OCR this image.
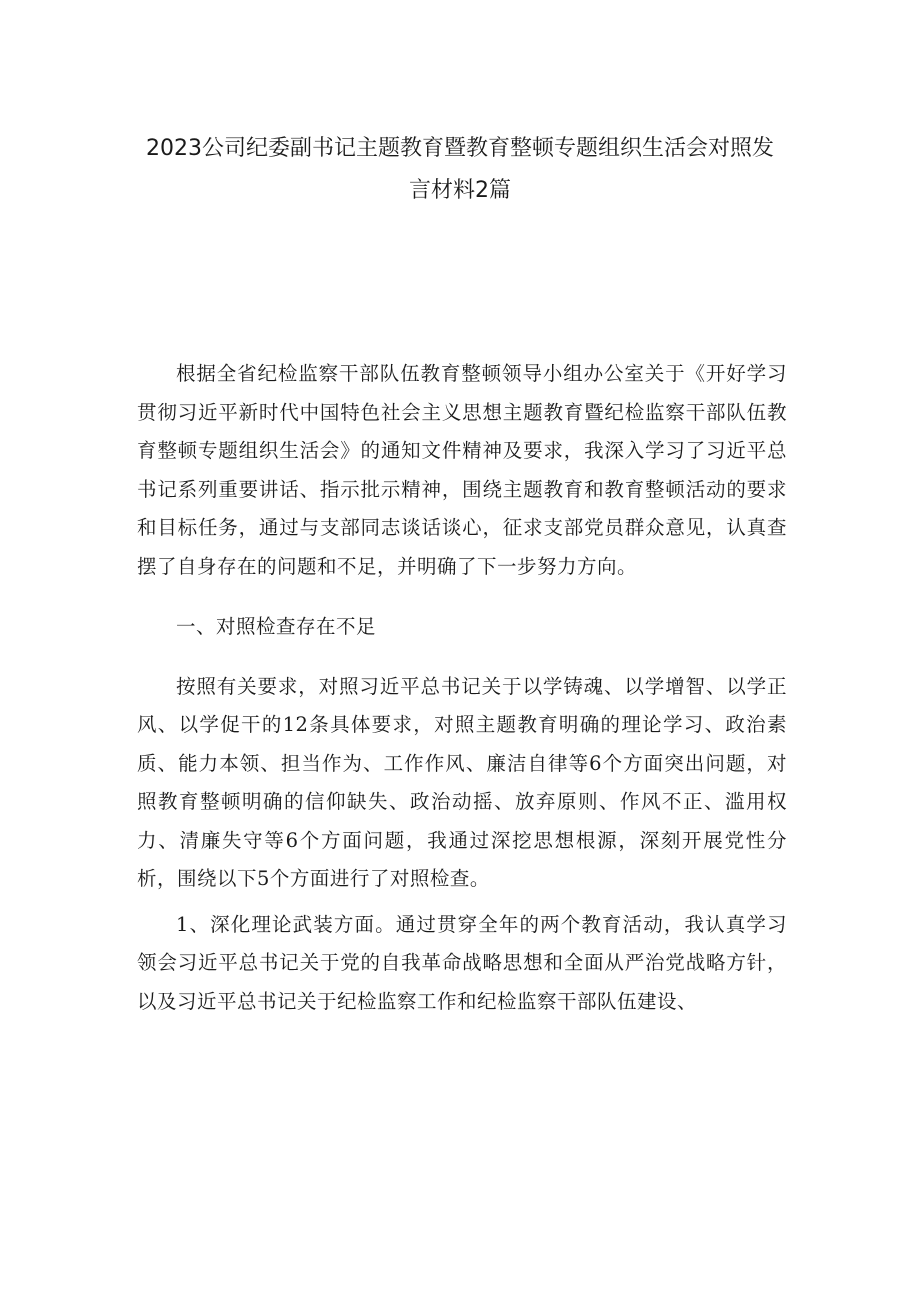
2023公司纪委副书记主题教育暨教育整顿专题组织生活会对照发
言材料2篇

根据全省纪检监察干部队伍教育整顿领导小组办公室关于《开好学习贯彻习近平新时代中国特色社会主义思想主题教育暨纪检监察干部队伍教育整顿专题组织生活会》的通知文件精神及要求，我深入学习了习近平总书记系列重要讲话、指示批示精神，围绕主题教育和教育整顿活动的要求和目标任务，通过与支部同志谈话谈心，征求支部党员群众意见，认真查摆了自身存在的问题和不足，并明确了下一步努力方向。

一、对照检查存在不足

按照有关要求，对照习近平总书记关于以学铸魂、以学增智、以学正风、以学促干的12条具体要求，对照主题教育明确的理论学习、政治素质、能力本领、担当作为、工作作风、廉洁自律等6个方面突出问题，对照教育整顿明确的信仰缺失、政治动摇、放弃原则、作风不正、滥用权力、清廉失守等6个方面问题，我通过深挖思想根源，深刻开展党性分析，围绕以下5个方面进行了对照检查。

1、深化理论武装方面。通过贯穿全年的两个教育活动，我认真学习领会习近平总书记关于党的自我革命战略思想和全面从严治党战略方针，以及习近平总书记关于纪检监察工作和纪检监察干部队伍建设、
